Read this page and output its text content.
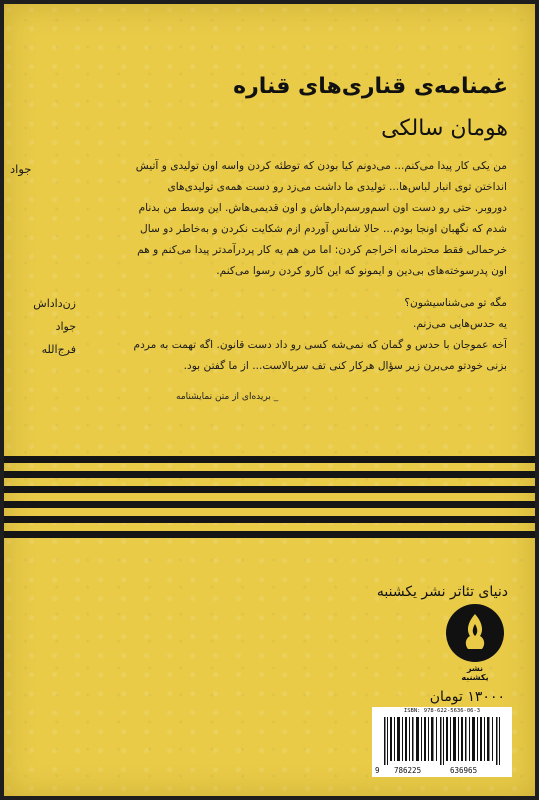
غمنامه‌ی قناری‌های قناره
هومان سالکی
جواد	من یکی کار پیدا می‌کنم... می‌دونم کیا بودن که توطئه کردن واسه اون تولیدی و آتیش
انداختن توی انبار لباس‌ها... تولیدی ما داشت می‌زد رو دست همه‌ی تولیدی‌های
دوروبر. حتی رو دست اون اسم‌ورسم‌دارهاش و اون قدیمی‌هاش. این وسط من بدنام
شدم که نگهبان اونجا بودم... حالا شانس آوردم ازم شکایت نکردن و به‌خاطر دو سال
خرحمالی فقط محترمانه اخراجم کردن: اما من هم یه کار پردرآمدتر پیدا می‌کنم و هم
اون پدرسوخته‌های بی‌دین و ایمونو که این کارو کردن رسوا می‌کنم.
مگه تو می‌شناسیشون؟
یه حدس‌هایی می‌زنم.
آخه عموجان با حدس و گمان که نمی‌شه کسی رو داد دست قانون. اگه تهمت به مردم
بزنی خودتو می‌برن زیر سؤال هرکار کنی تف سربالاست... از ما گفتن بود.
زن‌داداش
جواد
فرج‌الله
_ بریده‌ای از متن نمایشنامه
دنیای تئاتر نشر یکشنبه
نشر یکشنبه
۱۳۰۰۰ تومان
ISBN: 978-622-5636-06-3
9 786225	636965
